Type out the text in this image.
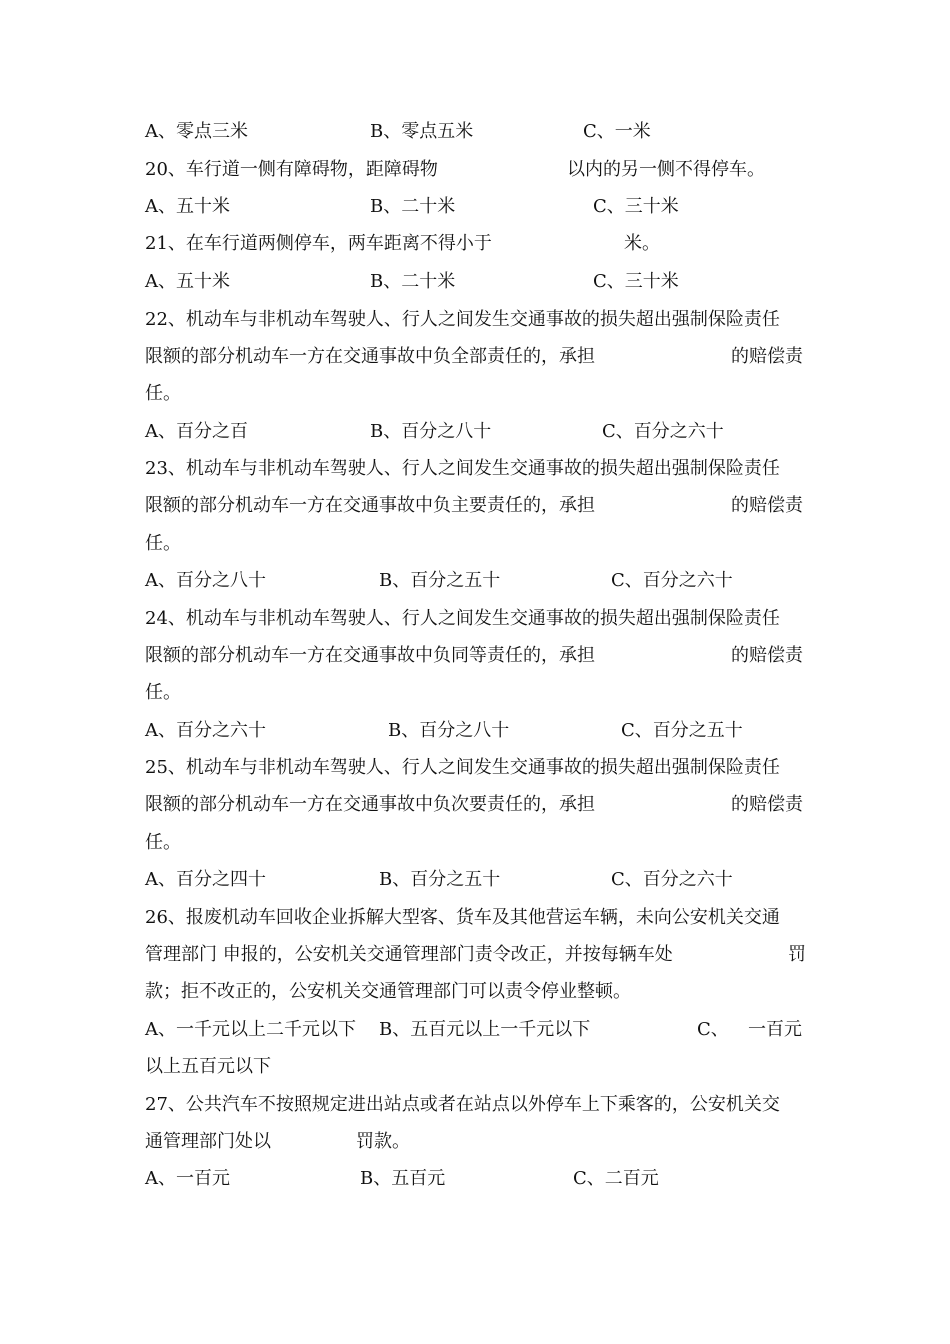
A、零点三米	B、零点五米	C、一米
20、车行道一侧有障碍物，距障碍物	以内的另一侧不得停车。
A、五十米	B、二十米	C、三十米
21、在车行道两侧停车，两车距离不得小于	米。
A、五十米	B、二十米	C、三十米
22、机动车与非机动车驾驶人、行人之间发生交通事故的损失超出强制保险责任
限额的部分机动车一方在交通事故中负全部责任的，承担	的赔偿责
任。
A、百分之百	B、百分之八十	C、百分之六十
23、机动车与非机动车驾驶人、行人之间发生交通事故的损失超出强制保险责任
限额的部分机动车一方在交通事故中负主要责任的，承担	的赔偿责
任。
A、百分之八十	B、百分之五十	C、百分之六十
24、机动车与非机动车驾驶人、行人之间发生交通事故的损失超出强制保险责任
限额的部分机动车一方在交通事故中负同等责任的，承担	的赔偿责
任。
A、百分之六十	B、百分之八十	C、百分之五十
25、机动车与非机动车驾驶人、行人之间发生交通事故的损失超出强制保险责任
限额的部分机动车一方在交通事故中负次要责任的，承担	的赔偿责
任。
A、百分之四十	B、百分之五十	C、百分之六十
26、报废机动车回收企业拆解大型客、货车及其他营运车辆，未向公安机关交通
管理部门 申报的，公安机关交通管理部门责令改正，并按每辆车处	罚
款；拒不改正的，公安机关交通管理部门可以责令停业整顿。
A、一千元以上二千元以下 B、五百元以上一千元以下	C、 一百元
以上五百元以下
27、公共汽车不按照规定进出站点或者在站点以外停车上下乘客的，公安机关交
通管理部门处以	罚款。
A、一百元	B、五百元	C、二百元
